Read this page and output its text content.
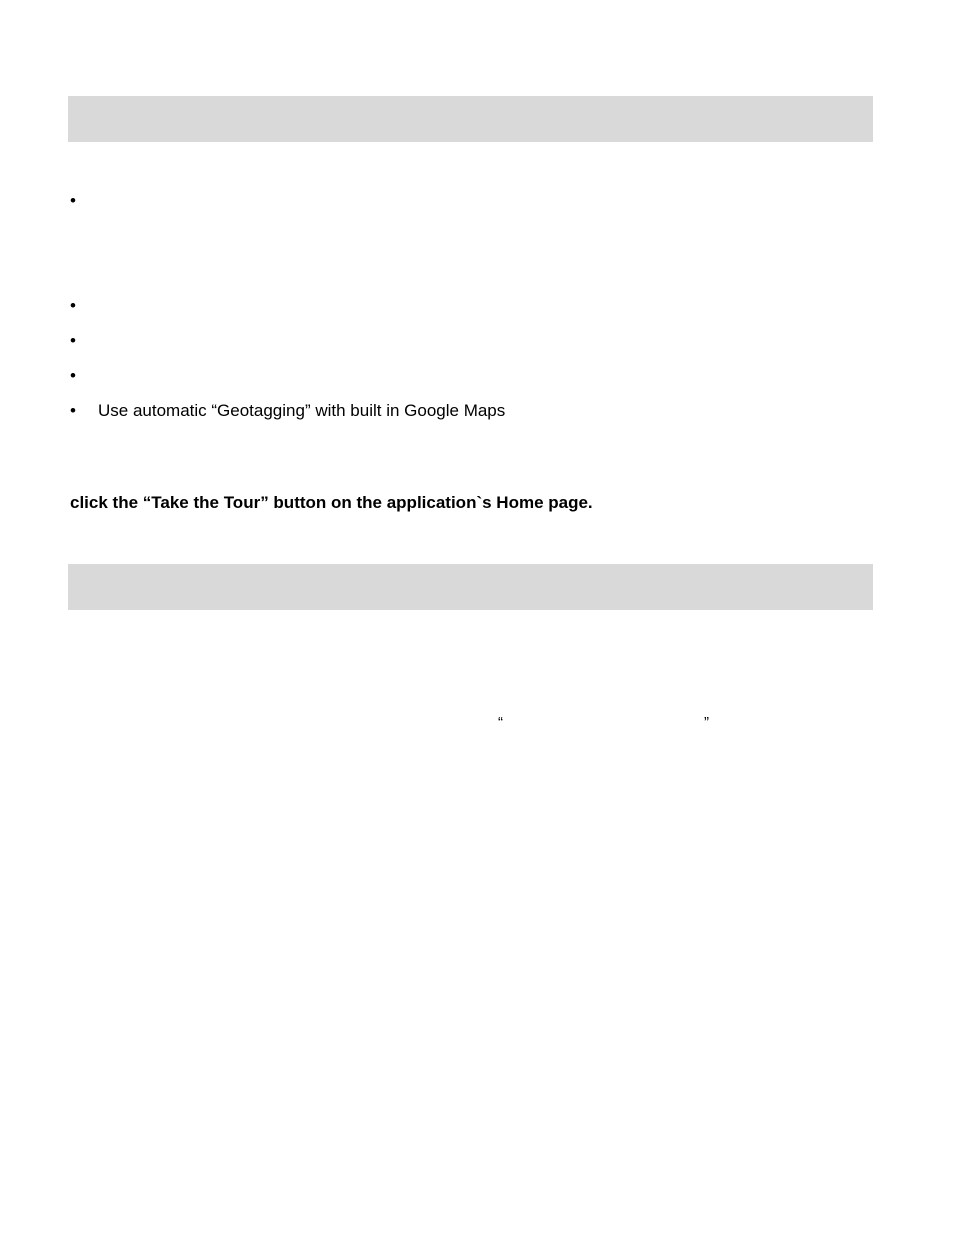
•
•
•
•
• Use automatic “Geotagging” with built in Google Maps
click the “Take the Tour” button on the application`s Home page.
“	”
